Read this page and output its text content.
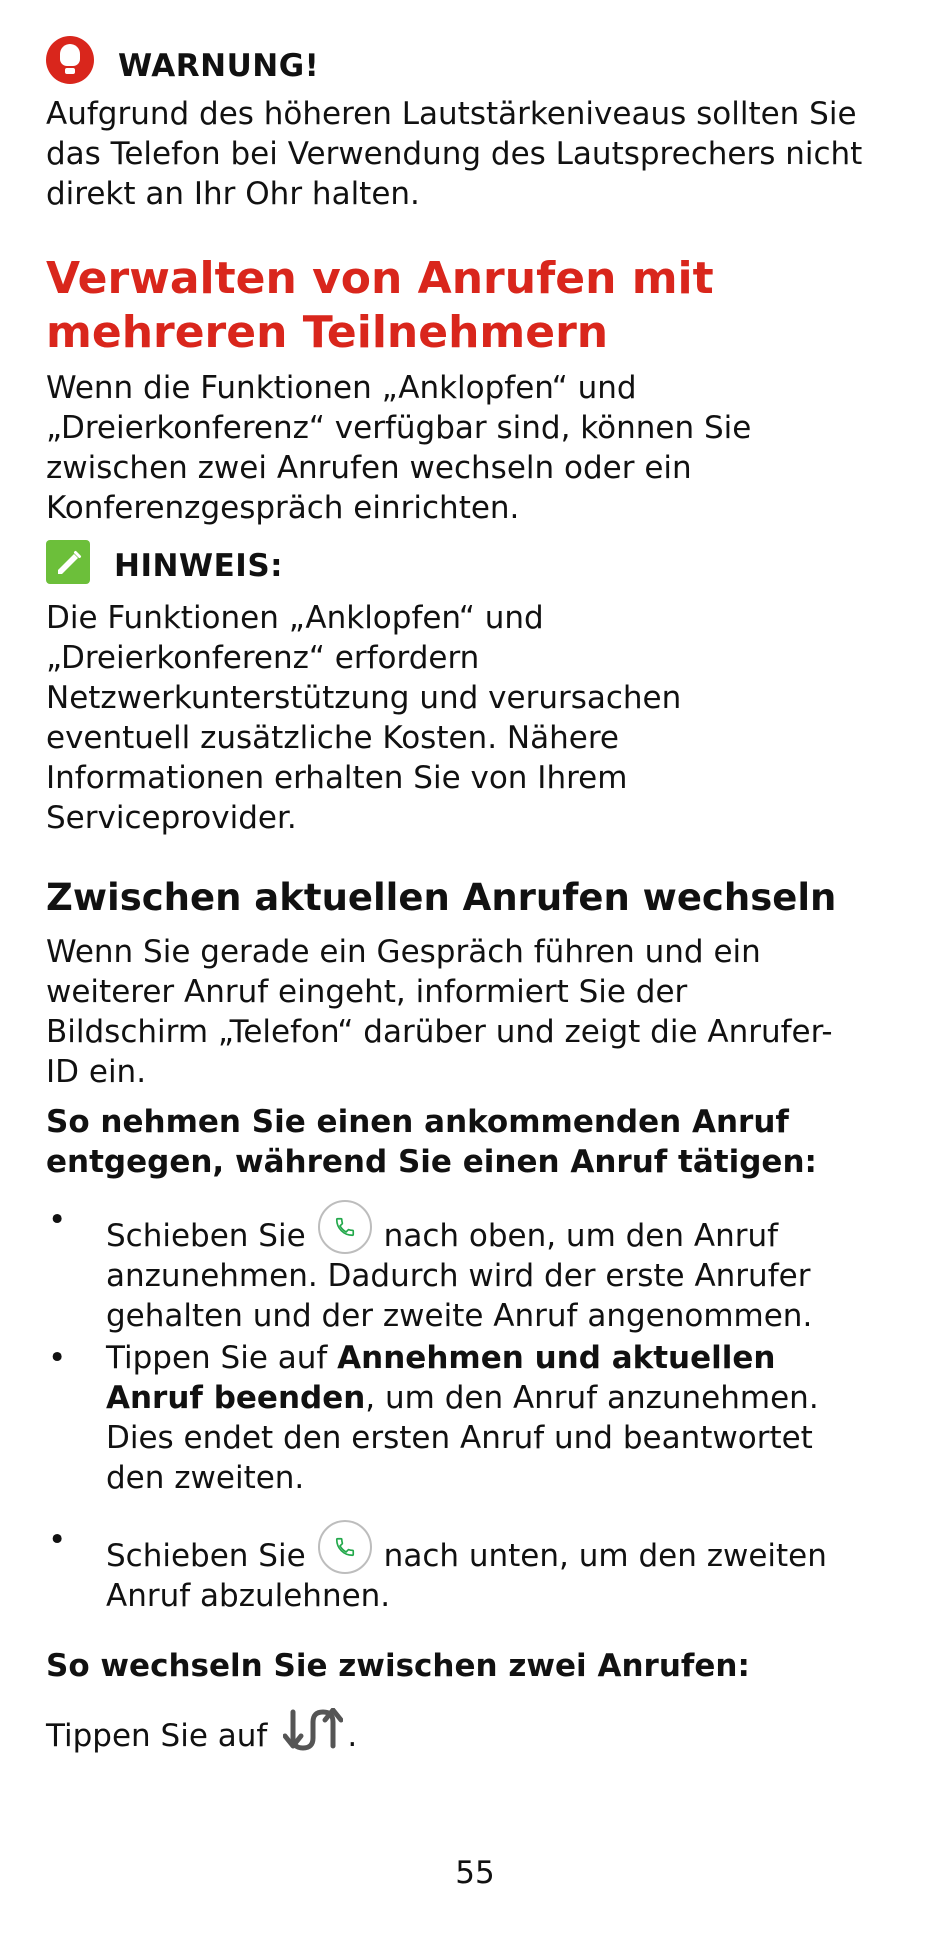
WARNUNG!

Aufgrund des höheren Lautstärkeniveaus sollten Sie das Telefon bei Verwendung des Lautsprechers nicht direkt an Ihr Ohr halten.

Verwalten von Anrufen mit mehreren Teilnehmern

Wenn die Funktionen „Anklopfen“ und „Dreierkonferenz“ verfügbar sind, können Sie zwischen zwei Anrufen wechseln oder ein Konferenzgespräch einrichten.

HINWEIS:

Die Funktionen „Anklopfen“ und „Dreierkonferenz“ erfordern Netzwerkunterstützung und verursachen eventuell zusätzliche Kosten. Nähere Informationen erhalten Sie von Ihrem Serviceprovider.

Zwischen aktuellen Anrufen wechseln

Wenn Sie gerade ein Gespräch führen und ein weiterer Anruf eingeht, informiert Sie der Bildschirm „Telefon“ darüber und zeigt die Anrufer-ID ein.

So nehmen Sie einen ankommenden Anruf entgegen, während Sie einen Anruf tätigen:

• Schieben Sie	nach oben, um den Anruf anzunehmen. Dadurch wird der erste Anrufer gehalten und der zweite Anruf angenommen.
• Tippen Sie auf Annehmen und aktuellen Anruf beenden, um den Anruf anzunehmen. Dies endet den ersten Anruf und beantwortet den zweiten.
• Schieben Sie	nach unten, um den zweiten Anruf abzulehnen.

So wechseln Sie zwischen zwei Anrufen:

Tippen Sie auf	.

55
